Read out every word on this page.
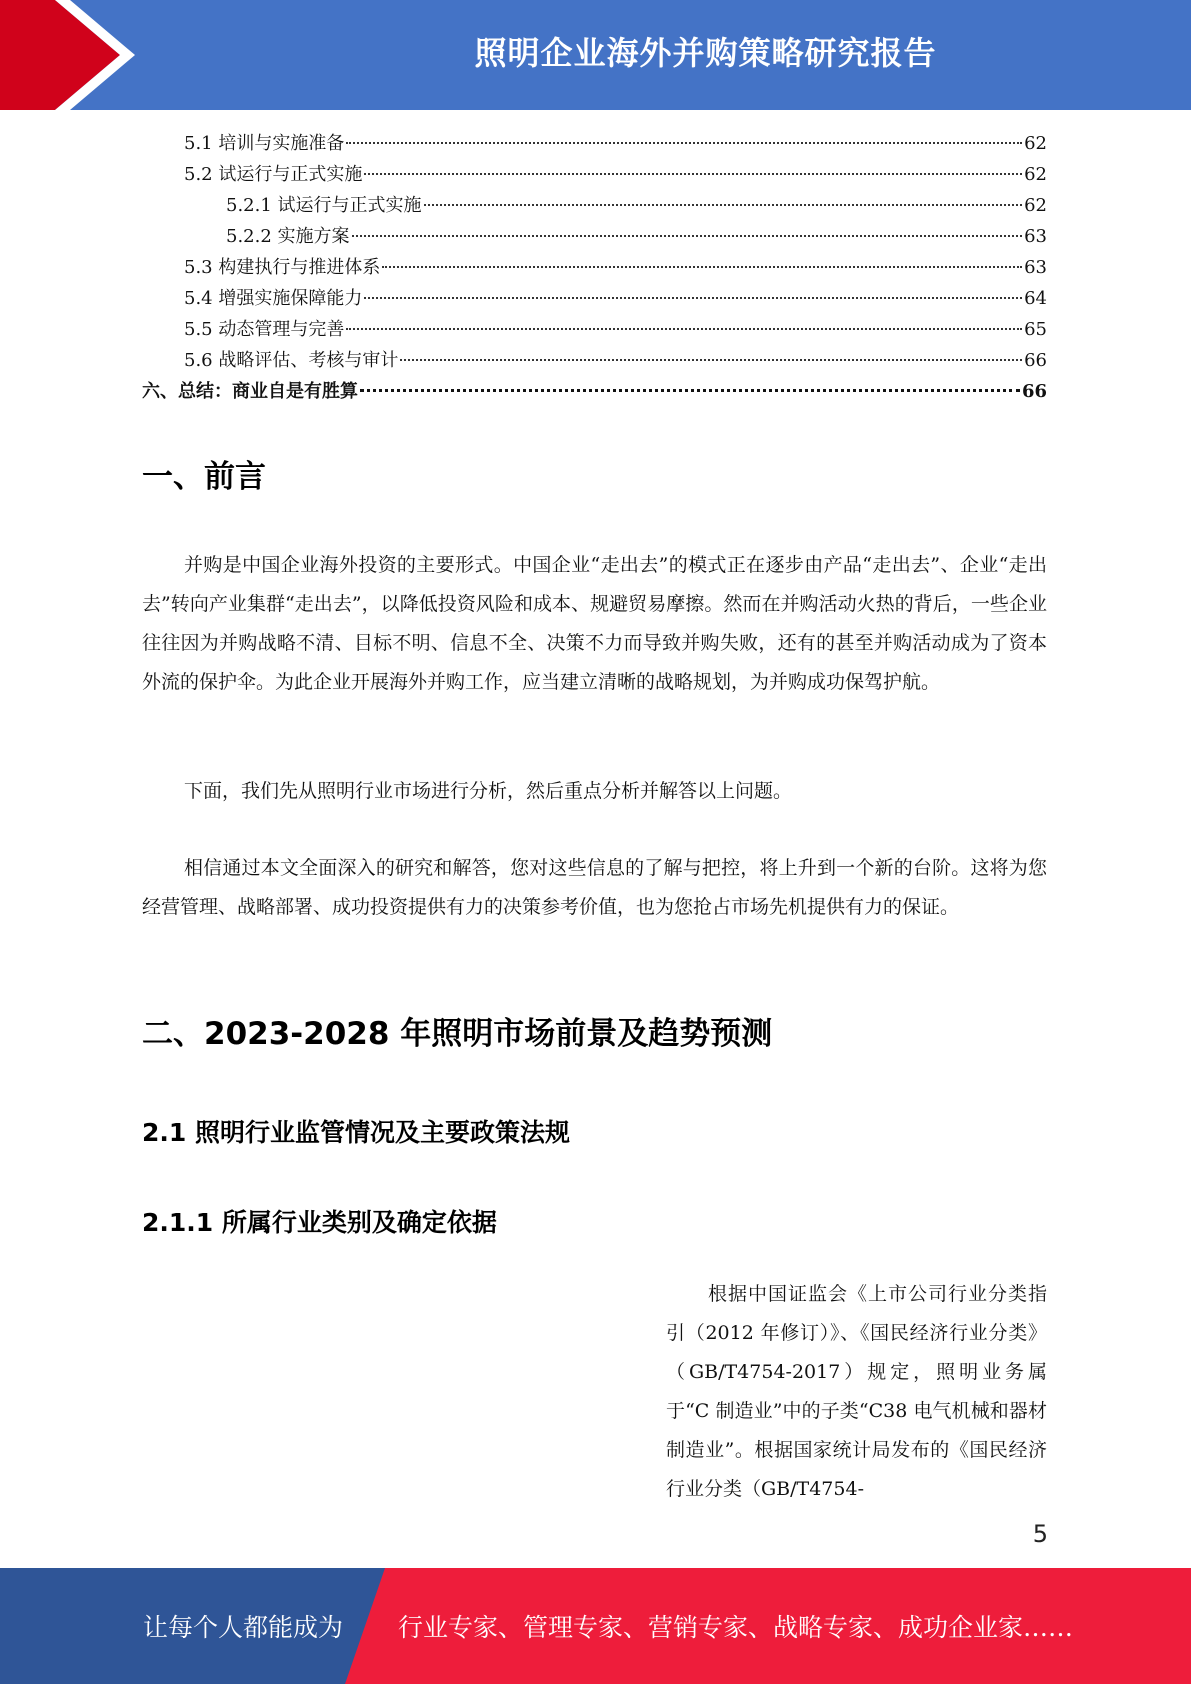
照明企业海外并购策略研究报告
5.1 培训与实施准备	62
5.2 试运行与正式实施	62
5.2.1 试运行与正式实施	62
5.2.2 实施方案	63
5.3 构建执行与推进体系	63
5.4 增强实施保障能力	64
5.5 动态管理与完善	65
5.6 战略评估、考核与审计	66
六、总结：商业自是有胜算	66
一、前言

并购是中国企业海外投资的主要形式。中国企业“走出去”的模式正在逐步由产品“走出去”、企业“走出去”转向产业集群“走出去”，以降低投资风险和成本、规避贸易摩擦。然而在并购活动火热的背后，一些企业往往因为并购战略不清、目标不明、信息不全、决策不力而导致并购失败，还有的甚至并购活动成为了资本外流的保护伞。为此企业开展海外并购工作，应当建立清晰的战略规划，为并购成功保驾护航。

下面，我们先从照明行业市场进行分析，然后重点分析并解答以上问题。

相信通过本文全面深入的研究和解答，您对这些信息的了解与把控，将上升到一个新的台阶。这将为您经营管理、战略部署、成功投资提供有力的决策参考价值，也为您抢占市场先机提供有力的保证。

二、2023-2028 年照明市场前景及趋势预测
2.1 照明行业监管情况及主要政策法规
2.1.1 所属行业类别及确定依据

根据中国证监会《上市公司行业分类指引（2012 年修订）》、《国民经济行业分类》（GB/T4754-2017）规定，照明业务属于“C 制造业”中的子类“C38 电气机械和器材制造业”。根据国家统计局发布的《国民经济行业分类（GB/T4754-

5
让每个人都能成为 行业专家、管理专家、营销专家、战略专家、成功企业家……
